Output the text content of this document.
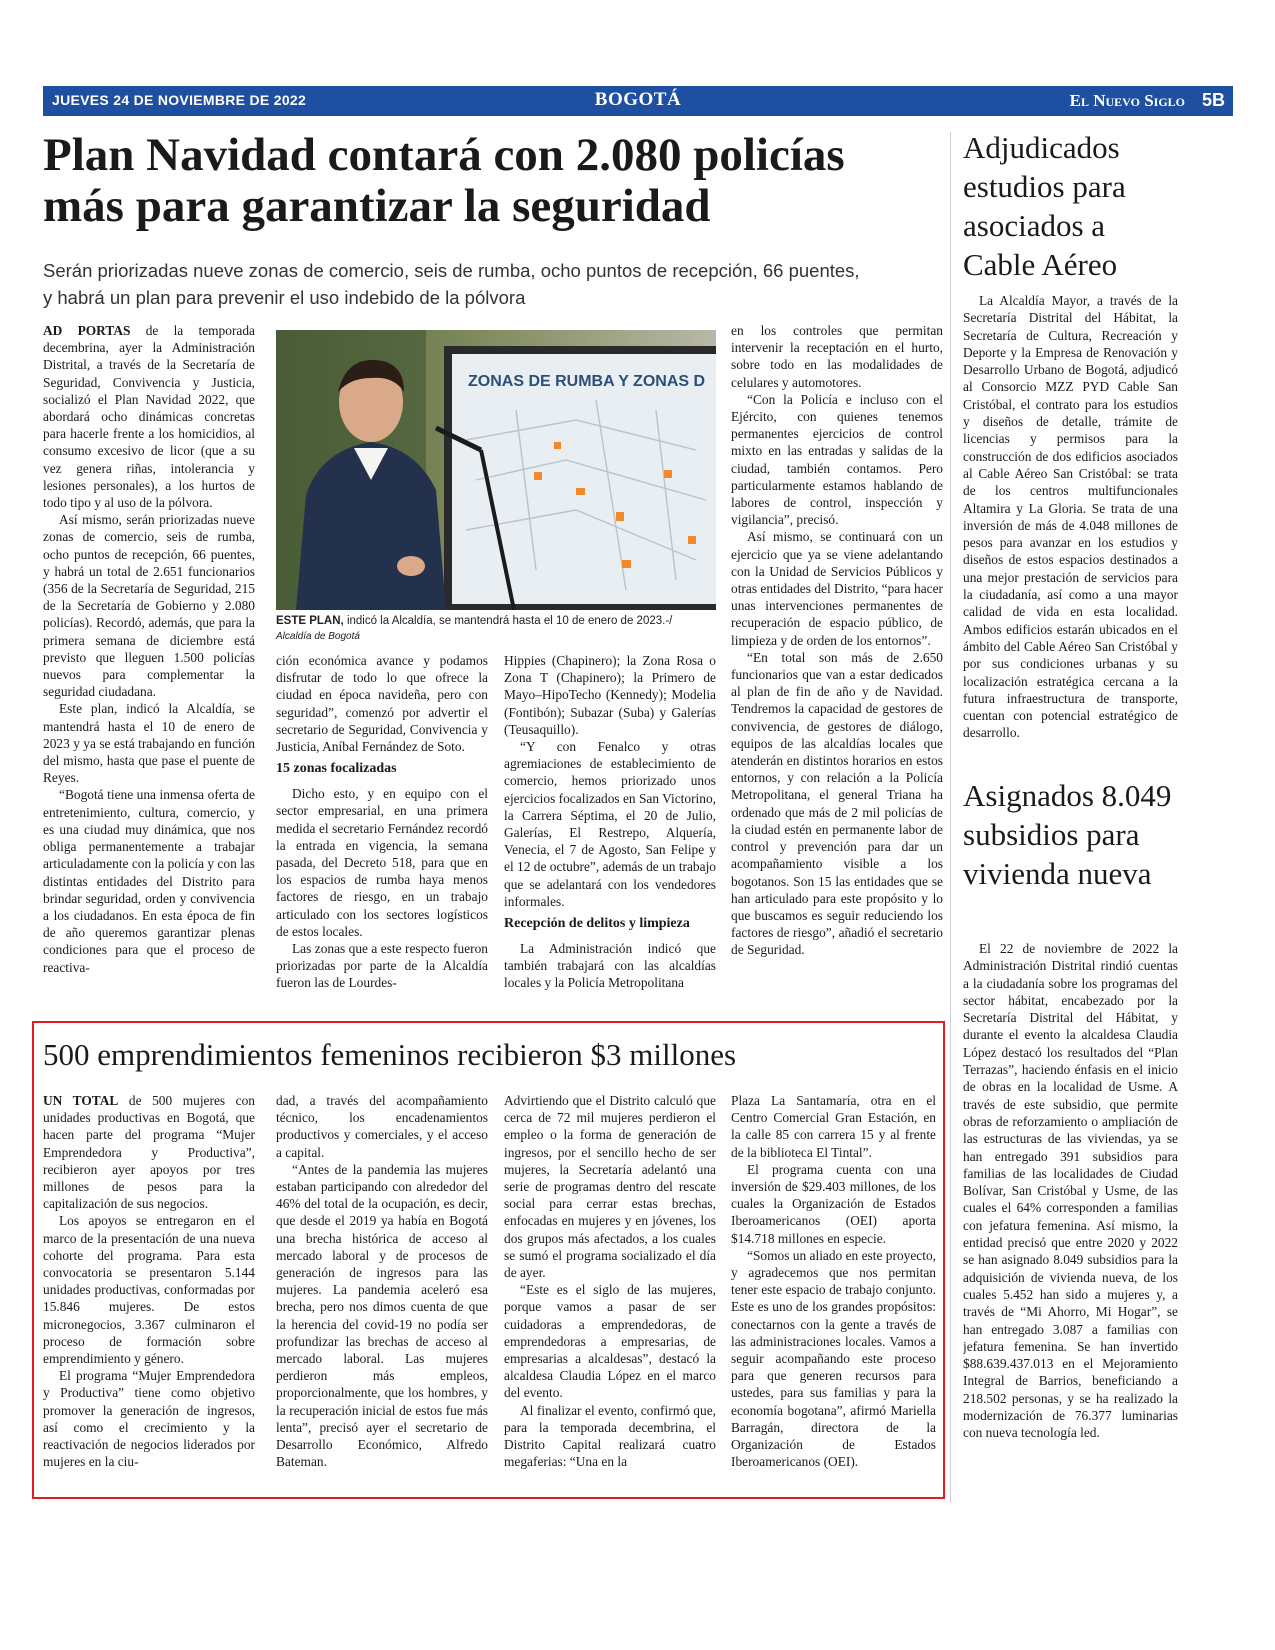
JUEVES 24 DE NOVIEMBRE DE 2022	BOGOTÁ	El Nuevo Siglo 5B
Plan Navidad contará con 2.080 policías
más para garantizar la seguridad

Serán priorizadas nueve zonas de comercio, seis de rumba, ocho puntos de recepción, 66 puentes,
y habrá un plan para prevenir el uso indebido de la pólvora

AD PORTAS de la temporada decembrina, ayer la Administración Distrital, a través de la Secretaría de Seguridad, Convivencia y Justicia, socializó el Plan Navidad 2022, que abordará ocho dinámicas concretas para hacerle frente a los homicidios, al consumo excesivo de licor (que a su vez genera riñas, intolerancia y lesiones personales), a los hurtos de todo tipo y al uso de la pólvora.

Así mismo, serán priorizadas nueve zonas de comercio, seis de rumba, ocho puntos de recepción, 66 puentes, y habrá un total de 2.651 funcionarios (356 de la Secretaría de Seguridad, 215 de la Secretaría de Gobierno y 2.080 policías). Recordó, además, que para la primera semana de diciembre está previsto que lleguen 1.500 policías nuevos para complementar la seguridad ciudadana.

Este plan, indicó la Alcaldía, se mantendrá hasta el 10 de enero de 2023 y ya se está trabajando en función del mismo, hasta que pase el puente de Reyes.

“Bogotá tiene una inmensa oferta de entretenimiento, cultura, comercio, y es una ciudad muy dinámica, que nos obliga permanentemente a trabajar articuladamente con la policía y con las distintas entidades del Distrito para brindar seguridad, orden y convivencia a los ciudadanos. En esta época de fin de año queremos garantizar plenas condiciones para que el proceso de reactiva-

ZONAS DE RUMBA Y ZONAS D
ESTE PLAN, indicó la Alcaldía, se mantendrá hasta el 10 de enero de 2023.-/
Alcaldía de Bogotá

ción económica avance y podamos disfrutar de todo lo que ofrece la ciudad en época navideña, pero con seguridad”, comenzó por advertir el secretario de Seguridad, Convivencia y Justicia, Aníbal Fernández de Soto.

15 zonas focalizadas

Dicho esto, y en equipo con el sector empresarial, en una primera medida el secretario Fernández recordó la entrada en vigencia, la semana pasada, del Decreto 518, para que en los espacios de rumba haya menos factores de riesgo, en un trabajo articulado con los sectores logísticos de estos locales.

Las zonas que a este respecto fueron priorizadas por parte de la Alcaldía fueron las de Lourdes-

Hippies (Chapinero); la Zona Rosa o Zona T (Chapinero); la Primero de Mayo–HipoTecho (Kennedy); Modelia (Fontibón); Subazar (Suba) y Galerías (Teusaquillo).

“Y con Fenalco y otras agremiaciones de establecimiento de comercio, hemos priorizado unos ejercicios focalizados en San Victorino, la Carrera Séptima, el 20 de Julio, Galerías, El Restrepo, Alquería, Venecia, el 7 de Agosto, San Felipe y el 12 de octubre”, además de un trabajo que se adelantará con los vendedores informales.

Recepción de delitos y limpieza

La Administración indicó que también trabajará con las alcaldías locales y la Policía Metropolitana

en los controles que permitan intervenir la receptación en el hurto, sobre todo en las modalidades de celulares y automotores.

“Con la Policía e incluso con el Ejército, con quienes tenemos permanentes ejercicios de control mixto en las entradas y salidas de la ciudad, también contamos. Pero particularmente estamos hablando de labores de control, inspección y vigilancia”, precisó.

Así mismo, se continuará con un ejercicio que ya se viene adelantando con la Unidad de Servicios Públicos y otras entidades del Distrito, “para hacer unas intervenciones permanentes de recuperación de espacio público, de limpieza y de orden de los entornos”.

“En total son más de 2.650 funcionarios que van a estar dedicados al plan de fin de año y de Navidad. Tendremos la capacidad de gestores de convivencia, de gestores de diálogo, equipos de las alcaldías locales que atenderán en distintos horarios en estos entornos, y con relación a la Policía Metropolitana, el general Triana ha ordenado que más de 2 mil policías de la ciudad estén en permanente labor de control y prevención para dar un acompañamiento visible a los bogotanos. Son 15 las entidades que se han articulado para este propósito y lo que buscamos es seguir reduciendo los factores de riesgo”, añadió el secretario de Seguridad.

500 emprendimientos femeninos recibieron $3 millones

UN TOTAL de 500 mujeres con unidades productivas en Bogotá, que hacen parte del programa “Mujer Emprendedora y Productiva”, recibieron ayer apoyos por tres millones de pesos para la capitalización de sus negocios.

Los apoyos se entregaron en el marco de la presentación de una nueva cohorte del programa. Para esta convocatoria se presentaron 5.144 unidades productivas, conformadas por 15.846 mujeres. De estos micronegocios, 3.367 culminaron el proceso de formación sobre emprendimiento y género.

El programa “Mujer Emprendedora y Productiva” tiene como objetivo promover la generación de ingresos, así como el crecimiento y la reactivación de negocios liderados por mujeres en la ciu-

dad, a través del acompañamiento técnico, los encadenamientos productivos y comerciales, y el acceso a capital.

“Antes de la pandemia las mujeres estaban participando con alrededor del 46% del total de la ocupación, es decir, que desde el 2019 ya había en Bogotá una brecha histórica de acceso al mercado laboral y de procesos de generación de ingresos para las mujeres. La pandemia aceleró esa brecha, pero nos dimos cuenta de que la herencia del covid-19 no podía ser profundizar las brechas de acceso al mercado laboral. Las mujeres perdieron más empleos, proporcionalmente, que los hombres, y la recuperación inicial de estos fue más lenta”, precisó ayer el secretario de Desarrollo Económico, Alfredo Bateman.

Advirtiendo que el Distrito calculó que cerca de 72 mil mujeres perdieron el empleo o la forma de generación de ingresos, por el sencillo hecho de ser mujeres, la Secretaría adelantó una serie de programas dentro del rescate social para cerrar estas brechas, enfocadas en mujeres y en jóvenes, los dos grupos más afectados, a los cuales se sumó el programa socializado el día de ayer.

“Este es el siglo de las mujeres, porque vamos a pasar de ser cuidadoras a emprendedoras, de emprendedoras a empresarias, de empresarias a alcaldesas”, destacó la alcaldesa Claudia López en el marco del evento.

Al finalizar el evento, confirmó que, para la temporada decembrina, el Distrito Capital realizará cuatro megaferias: “Una en la

Plaza La Santamaría, otra en el Centro Comercial Gran Estación, en la calle 85 con carrera 15 y al frente de la biblioteca El Tintal”.

El programa cuenta con una inversión de $29.403 millones, de los cuales la Organización de Estados Iberoamericanos (OEI) aporta $14.718 millones en especie.

“Somos un aliado en este proyecto, y agradecemos que nos permitan tener este espacio de trabajo conjunto. Este es uno de los grandes propósitos: conectarnos con la gente a través de las administraciones locales. Vamos a seguir acompañando este proceso para que generen recursos para ustedes, para sus familias y para la economía bogotana”, afirmó Mariella Barragán, directora de la Organización de Estados Iberoamericanos (OEI).

Adjudicados estudios para asociados a Cable Aéreo

La Alcaldía Mayor, a través de la Secretaría Distrital del Hábitat, la Secretaría de Cultura, Recreación y Deporte y la Empresa de Renovación y Desarrollo Urbano de Bogotá, adjudicó al Consorcio MZZ PYD Cable San Cristóbal, el contrato para los estudios y diseños de detalle, trámite de licencias y permisos para la construcción de dos edificios asociados al Cable Aéreo San Cristóbal: se trata de los centros multifuncionales Altamira y La Gloria. Se trata de una inversión de más de 4.048 millones de pesos para avanzar en los estudios y diseños de estos espacios destinados a una mejor prestación de servicios para la ciudadanía, así como a una mayor calidad de vida en esta localidad. Ambos edificios estarán ubicados en el ámbito del Cable Aéreo San Cristóbal y por sus condiciones urbanas y su localización estratégica cercana a la futura infraestructura de transporte, cuentan con potencial estratégico de desarrollo.

Asignados 8.049 subsidios para vivienda nueva

El 22 de noviembre de 2022 la Administración Distrital rindió cuentas a la ciudadanía sobre los programas del sector hábitat, encabezado por la Secretaría Distrital del Hábitat, y durante el evento la alcaldesa Claudia López destacó los resultados del “Plan Terrazas”, haciendo énfasis en el inicio de obras en la localidad de Usme. A través de este subsidio, que permite obras de reforzamiento o ampliación de las estructuras de las viviendas, ya se han entregado 391 subsidios para familias de las localidades de Ciudad Bolívar, San Cristóbal y Usme, de las cuales el 64% corresponden a familias con jefatura femenina. Así mismo, la entidad precisó que entre 2020 y 2022 se han asignado 8.049 subsidios para la adquisición de vivienda nueva, de los cuales 5.452 han sido a mujeres y, a través de “Mi Ahorro, Mi Hogar”, se han entregado 3.087 a familias con jefatura femenina. Se han invertido $88.639.437.013 en el Mejoramiento Integral de Barrios, beneficiando a 218.502 personas, y se ha realizado la modernización de 76.377 luminarias con nueva tecnología led.
